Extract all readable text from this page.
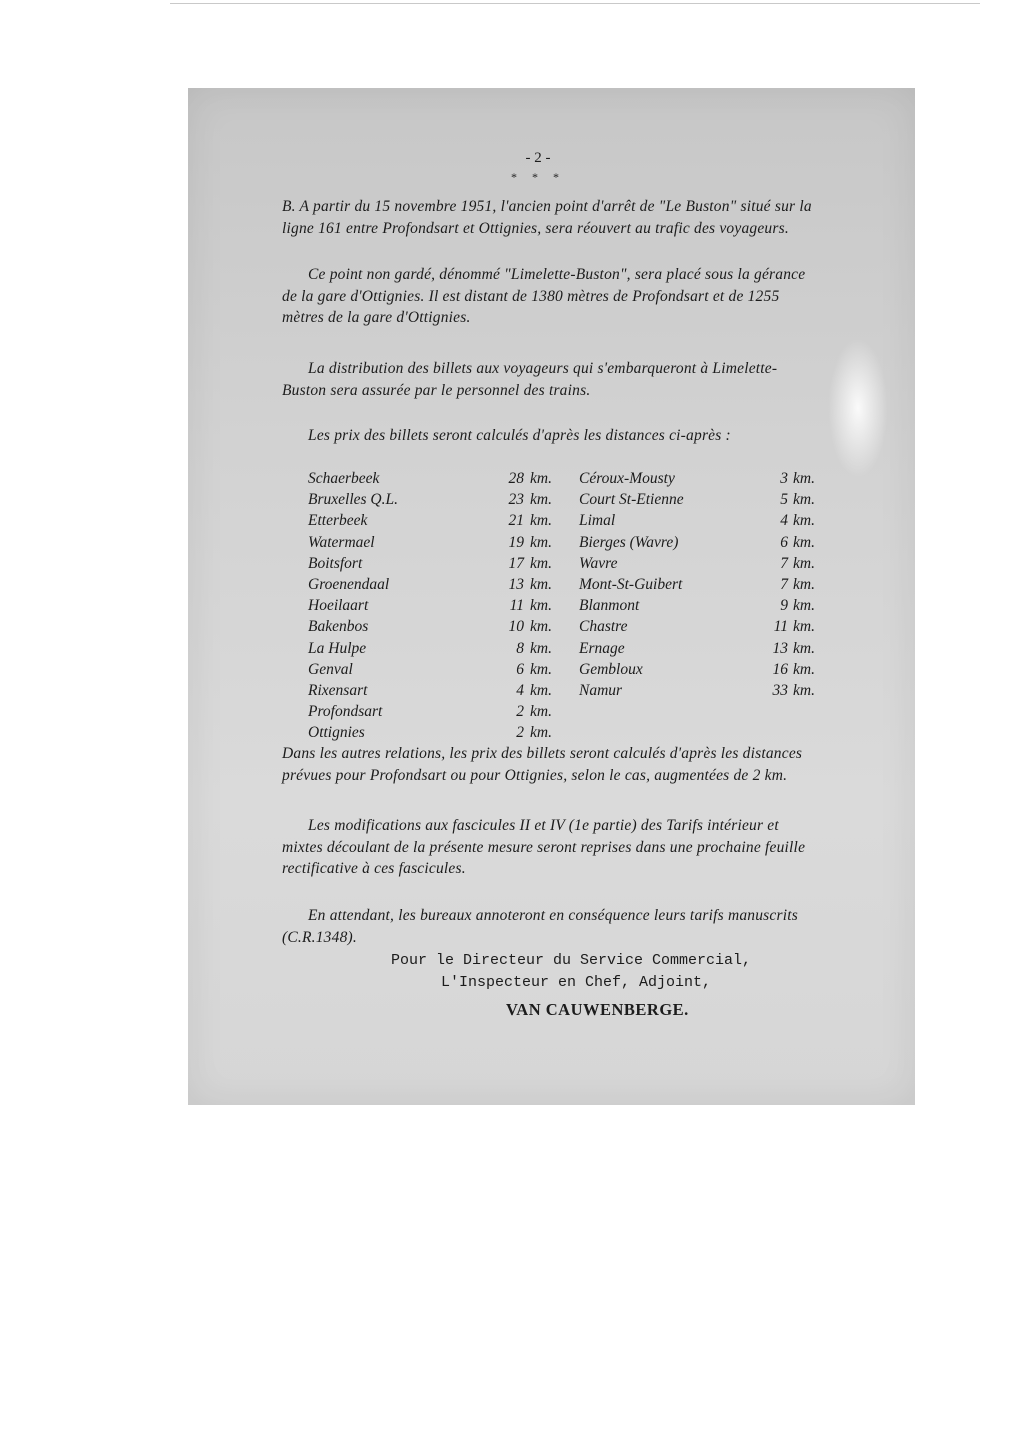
- 2 -
* * *

B. A partir du 15 novembre 1951, l'ancien point d'arrêt de "Le Buston" situé sur la ligne 161 entre Profondsart et Ottignies, sera réouvert au trafic des voyageurs.

Ce point non gardé, dénommé "Limelette-Buston", sera placé sous la gérance de la gare d'Ottignies. Il est distant de 1380 mètres de Profondsart et de 1255 mètres de la gare d'Ottignies.

La distribution des billets aux voyageurs qui s'embarqueront à Limelette-Buston sera assurée par le personnel des trains.

Les prix des billets seront calculés d'après les distances ci-après :

Schaerbeek	28 km. Céroux-Mousty	3 km.
Bruxelles Q.L.	23 km. Court St-Etienne	5 km.
Etterbeek	21 km. Limal	4 km.
Watermael	19 km. Bierges (Wavre)	6 km.
Boitsfort	17 km. Wavre	7 km.
Groenendaal	13 km. Mont-St-Guibert	7 km.
Hoeilaart	11 km. Blanmont	9 km.
Bakenbos	10 km. Chastre	11 km.
La Hulpe	8 km. Ernage	13 km.
Genval	6 km. Gembloux	16 km.
Rixensart	4 km. Namur	33 km.
Profondsart	2 km.
Ottignies	2 km.

Dans les autres relations, les prix des billets seront calculés d'après les distances prévues pour Profondsart ou pour Ottignies, selon le cas, augmentées de 2 km.

Les modifications aux fascicules II et IV (1e partie) des Tarifs intérieur et mixtes découlant de la présente mesure seront reprises dans une prochaine feuille rectificative à ces fascicules.

En attendant, les bureaux annoteront en conséquence leurs tarifs manuscrits (C.R.1348).

Pour le Directeur du Service Commercial,
L'Inspecteur en Chef, Adjoint,
VAN CAUWENBERGE.
